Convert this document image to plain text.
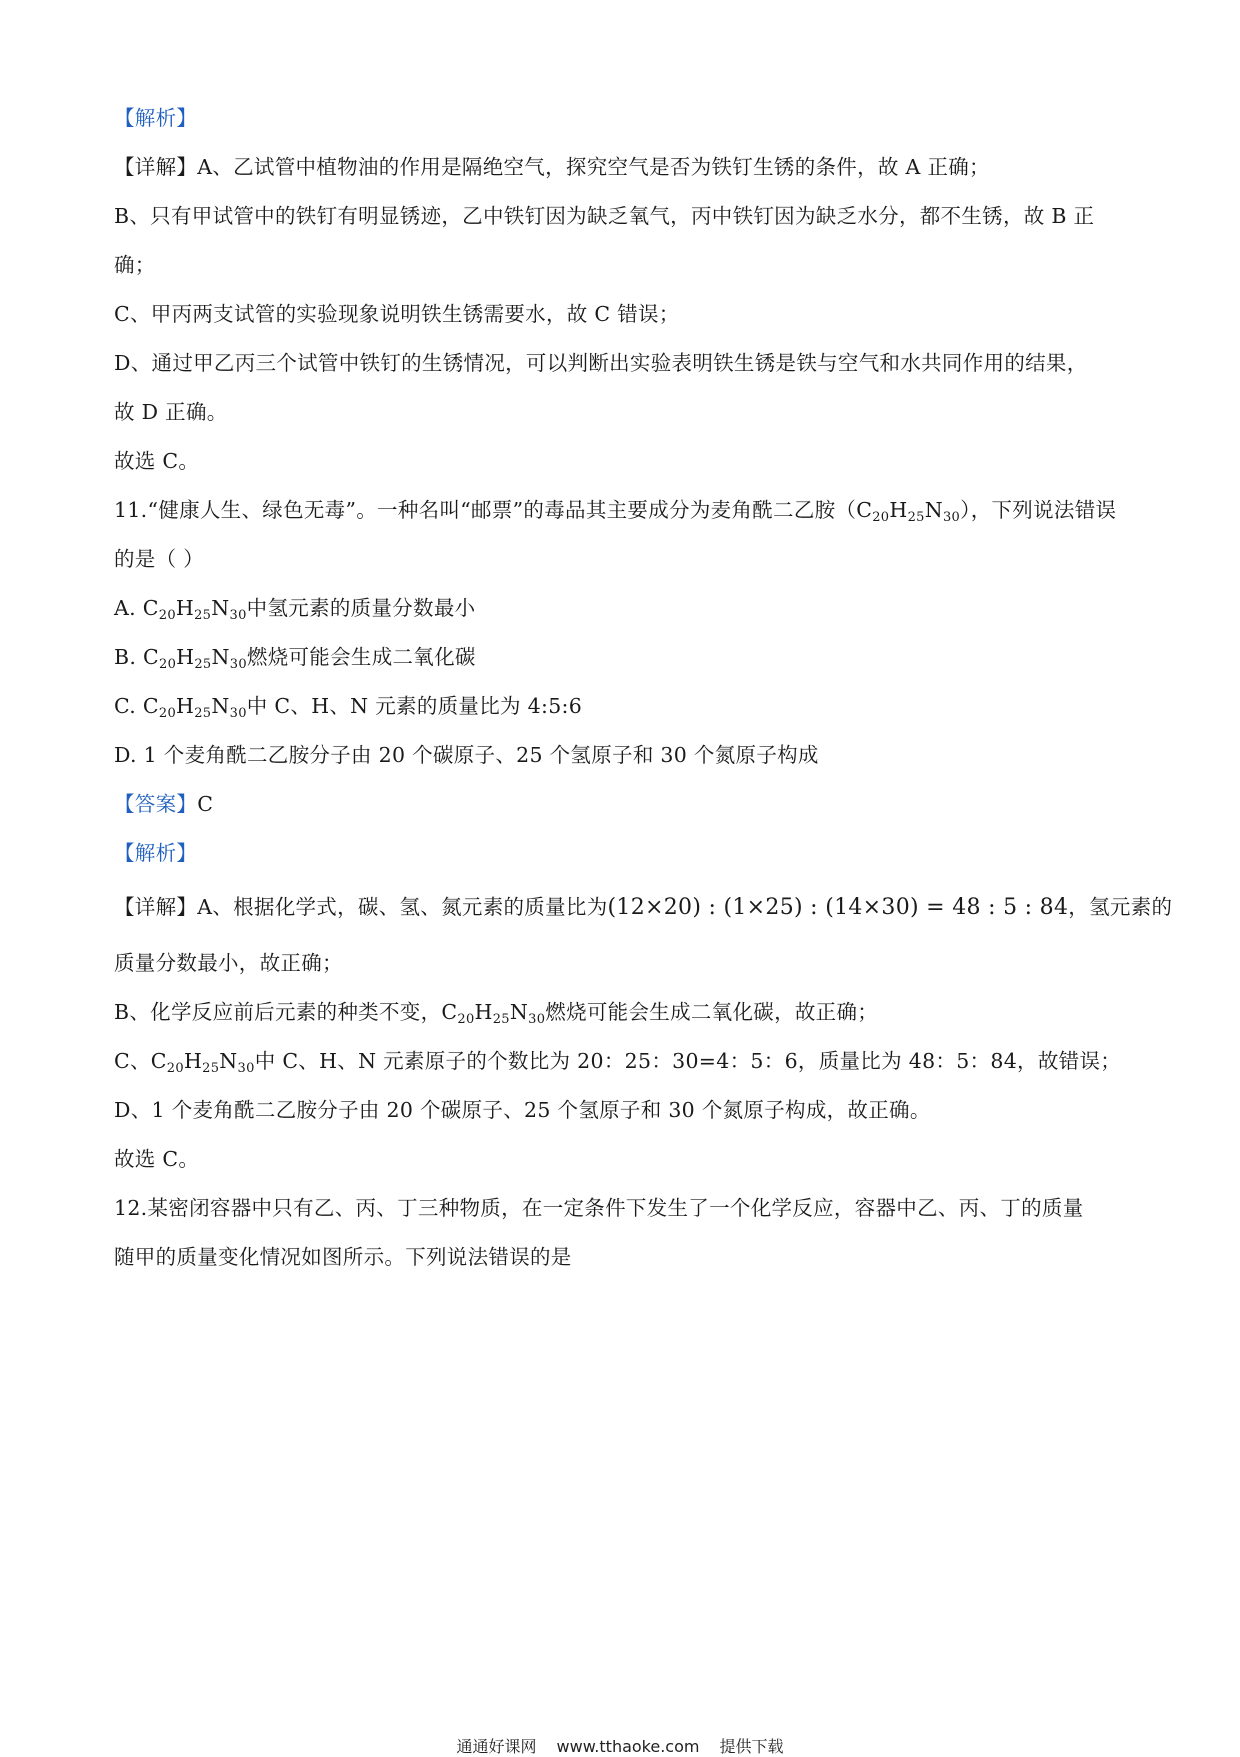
【解析】
【详解】A、乙试管中植物油的作用是隔绝空气，探究空气是否为铁钉生锈的条件，故 A 正确；
B、只有甲试管中的铁钉有明显锈迹，乙中铁钉因为缺乏氧气，丙中铁钉因为缺乏水分，都不生锈，故 B 正
确；
C、甲丙两支试管的实验现象说明铁生锈需要水，故 C 错误；
D、通过甲乙丙三个试管中铁钉的生锈情况，可以判断出实验表明铁生锈是铁与空气和水共同作用的结果，
故 D 正确。
故选 C。
11.“健康人生、绿色无毒”。一种名叫“邮票”的毒品其主要成分为麦角酰二乙胺$(C_{20}H_{25}N_{30})$，下列说法错误
的是（ ）
A. $C_{20}H_{25}N_{30}$中氢元素的质量分数最小
B. $C_{20}H_{25}N_{30}$燃烧可能会生成二氧化碳
C. $C_{20}H_{25}N_{30}$中 C、H、N 元素的质量比为 4:5:6
D. 1 个麦角酰二乙胺分子由 20 个碳原子、25 个氢原子和 30 个氮原子构成
【答案】C
【解析】
【详解】A、根据化学式，碳、氢、氮元素的质量比为(12×20) : (1×25) : (14×30) = 48 : 5 : 84，氢元素的
质量分数最小，故正确；
B、化学反应前后元素的种类不变，$C_{20}H_{25}N_{30}$燃烧可能会生成二氧化碳，故正确；
C、$C_{20}H_{25}N_{30}$中 C、H、N 元素原子的个数比为 20：25：30=4：5：6，质量比为 48：5：84，故错误；
D、1 个麦角酰二乙胺分子由 20 个碳原子、25 个氢原子和 30 个氮原子构成，故正确。
故选 C。
12.某密闭容器中只有乙、丙、丁三种物质，在一定条件下发生了一个化学反应，容器中乙、丙、丁的质量
随甲的质量变化情况如图所示。下列说法错误的是
通通好课网 www.tthaoke.com 提供下载
